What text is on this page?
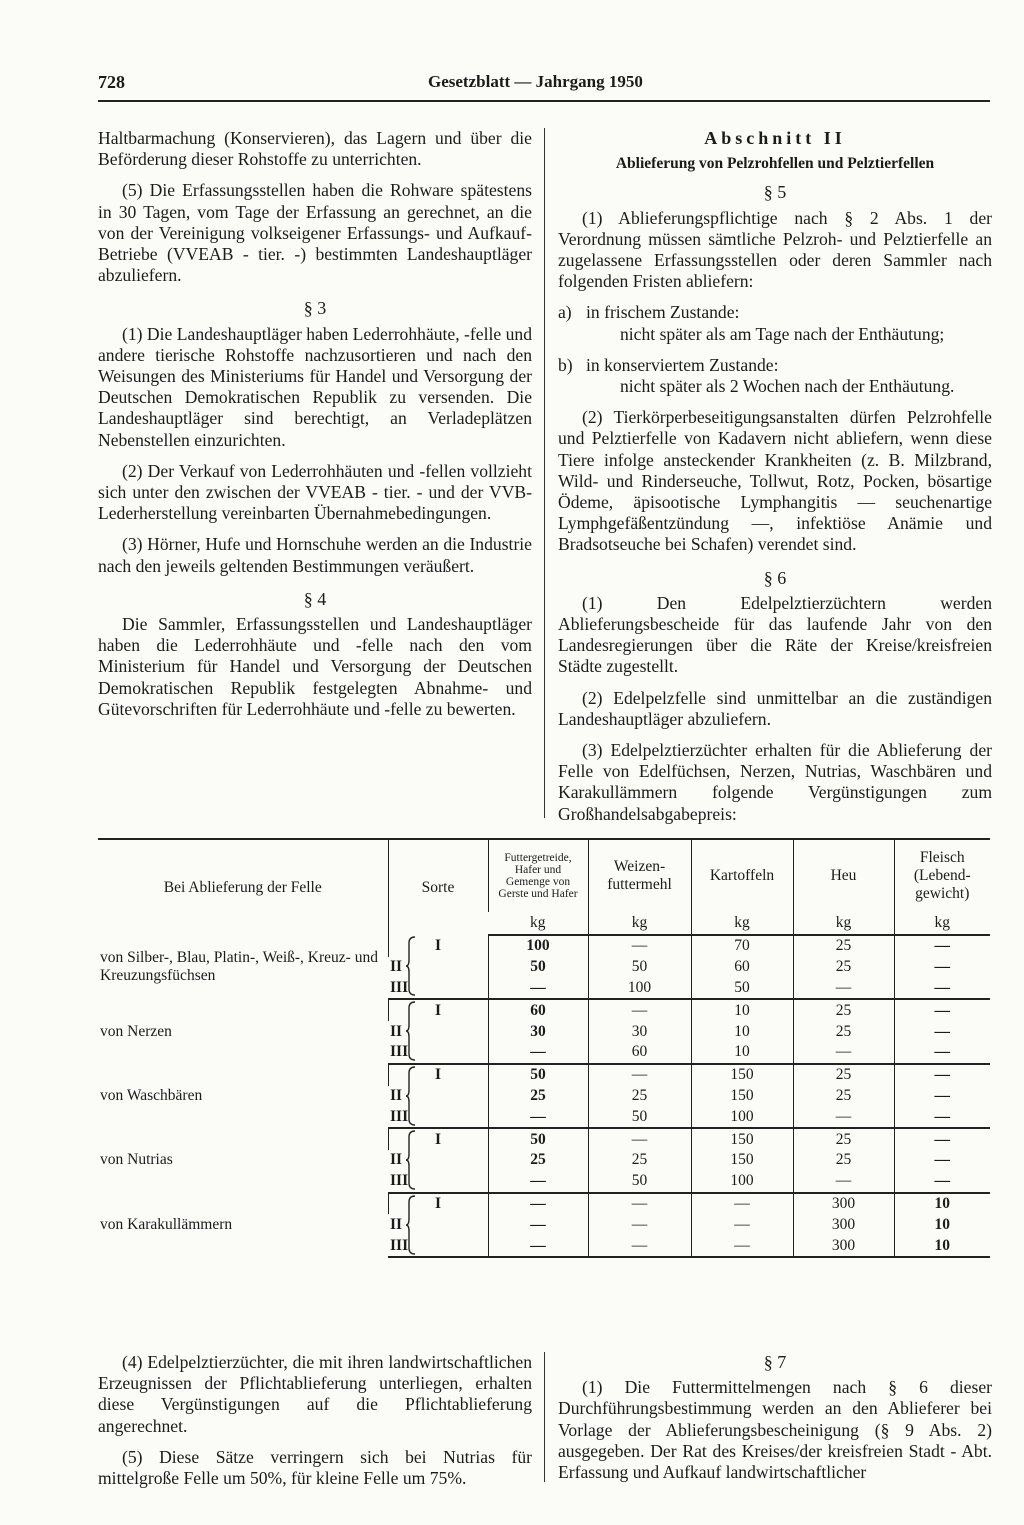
728	Gesetzblatt — Jahrgang 1950

Haltbarmachung (Konservieren), das Lagern und über die Beförderung dieser Rohstoffe zu unterrichten.

(5) Die Erfassungsstellen haben die Rohware spätestens in 30 Tagen, vom Tage der Erfassung an gerechnet, an die von der Vereinigung volkseigener Erfassungs- und Aufkauf-Betriebe (VVEAB - tier. -) bestimmten Landeshauptläger abzuliefern.

§ 3

(1) Die Landeshauptläger haben Lederrohhäute, -felle und andere tierische Rohstoffe nachzusortieren und nach den Weisungen des Ministeriums für Handel und Versorgung der Deutschen Demokratischen Republik zu versenden. Die Landeshauptläger sind berechtigt, an Verladeplätzen Nebenstellen einzurichten.

(2) Der Verkauf von Lederrohhäuten und -fellen vollzieht sich unter den zwischen der VVEAB - tier. - und der VVB-Lederherstellung vereinbarten Übernahmebedingungen.

(3) Hörner, Hufe und Hornschuhe werden an die Industrie nach den jeweils geltenden Bestimmungen veräußert.

§ 4

Die Sammler, Erfassungsstellen und Landeshauptläger haben die Lederrohhäute und -felle nach den vom Ministerium für Handel und Versorgung der Deutschen Demokratischen Republik festgelegten Abnahme- und Gütevorschriften für Lederrohhäute und -felle zu bewerten.

Abschnitt II
Ablieferung von Pelzrohfellen und Pelztierfellen
§ 5

(1) Ablieferungspflichtige nach § 2 Abs. 1 der Verordnung müssen sämtliche Pelzroh- und Pelztierfelle an zugelassene Erfassungsstellen oder deren Sammler nach folgenden Fristen abliefern:

a) in frischem Zustande:

nicht später als am Tage nach der Enthäutung;

b) in konserviertem Zustande:

nicht später als 2 Wochen nach der Enthäutung.

(2) Tierkörperbeseitigungsanstalten dürfen Pelzrohfelle und Pelztierfelle von Kadavern nicht abliefern, wenn diese Tiere infolge ansteckender Krankheiten (z. B. Milzbrand, Wild- und Rinderseuche, Tollwut, Rotz, Pocken, bösartige Ödeme, äpisootische Lymphangitis — seuchenartige Lymphgefäßentzündung —, infektiöse Anämie und Bradsotseuche bei Schafen) verendet sind.

§ 6

(1) Den Edelpelztierzüchtern werden Ablieferungsbescheide für das laufende Jahr von den Landesregierungen über die Räte der Kreise/kreisfreien Städte zugestellt.

(2) Edelpelzfelle sind unmittelbar an die zuständigen Landeshauptläger abzuliefern.

(3) Edelpelztierzüchter erhalten für die Ablieferung der Felle von Edelfüchsen, Nerzen, Nutrias, Waschbären und Karakullämmern folgende Vergünstigungen zum Großhandelsabgabepreis:

Bei Ablieferung der Felle	Sorte	Futtergetreide, Hafer und Gemenge von Gerste und Hafer	Weizen-futtermehl	Kartoffeln	Heu	Fleisch (Lebend-gewicht)
		kg	kg	kg	kg	kg
von Silber-, Blau, Platin-, Weiß-, Kreuz- und Kreuzungsfüchsen	I	100	—	70	25	—
	II	50	50	60	25	—
	III	—	100	50	—	—
von Nerzen	I	60	—	10	25	—
	II	30	30	10	25	—
	III	—	60	10	—	—
von Waschbären	I	50	—	150	25	—
	II	25	25	150	25	—
	III	—	50	100	—	—
von Nutrias	I	50	—	150	25	—
	II	25	25	150	25	—
	III	—	50	100	—	—
von Karakullämmern	I	—	—	—	300	10
	II	—	—	—	300	10
	III	—	—	—	300	10

(4) Edelpelztierzüchter, die mit ihren landwirtschaftlichen Erzeugnissen der Pflichtablieferung unterliegen, erhalten diese Vergünstigungen auf die Pflichtablieferung angerechnet.

(5) Diese Sätze verringern sich bei Nutrias für mittelgroße Felle um 50%, für kleine Felle um 75%.

§ 7

(1) Die Futtermittelmengen nach § 6 dieser Durchführungsbestimmung werden an den Ablieferer bei Vorlage der Ablieferungsbescheinigung (§ 9 Abs. 2) ausgegeben. Der Rat des Kreises/der kreisfreien Stadt - Abt. Erfassung und Aufkauf landwirtschaftlicher
